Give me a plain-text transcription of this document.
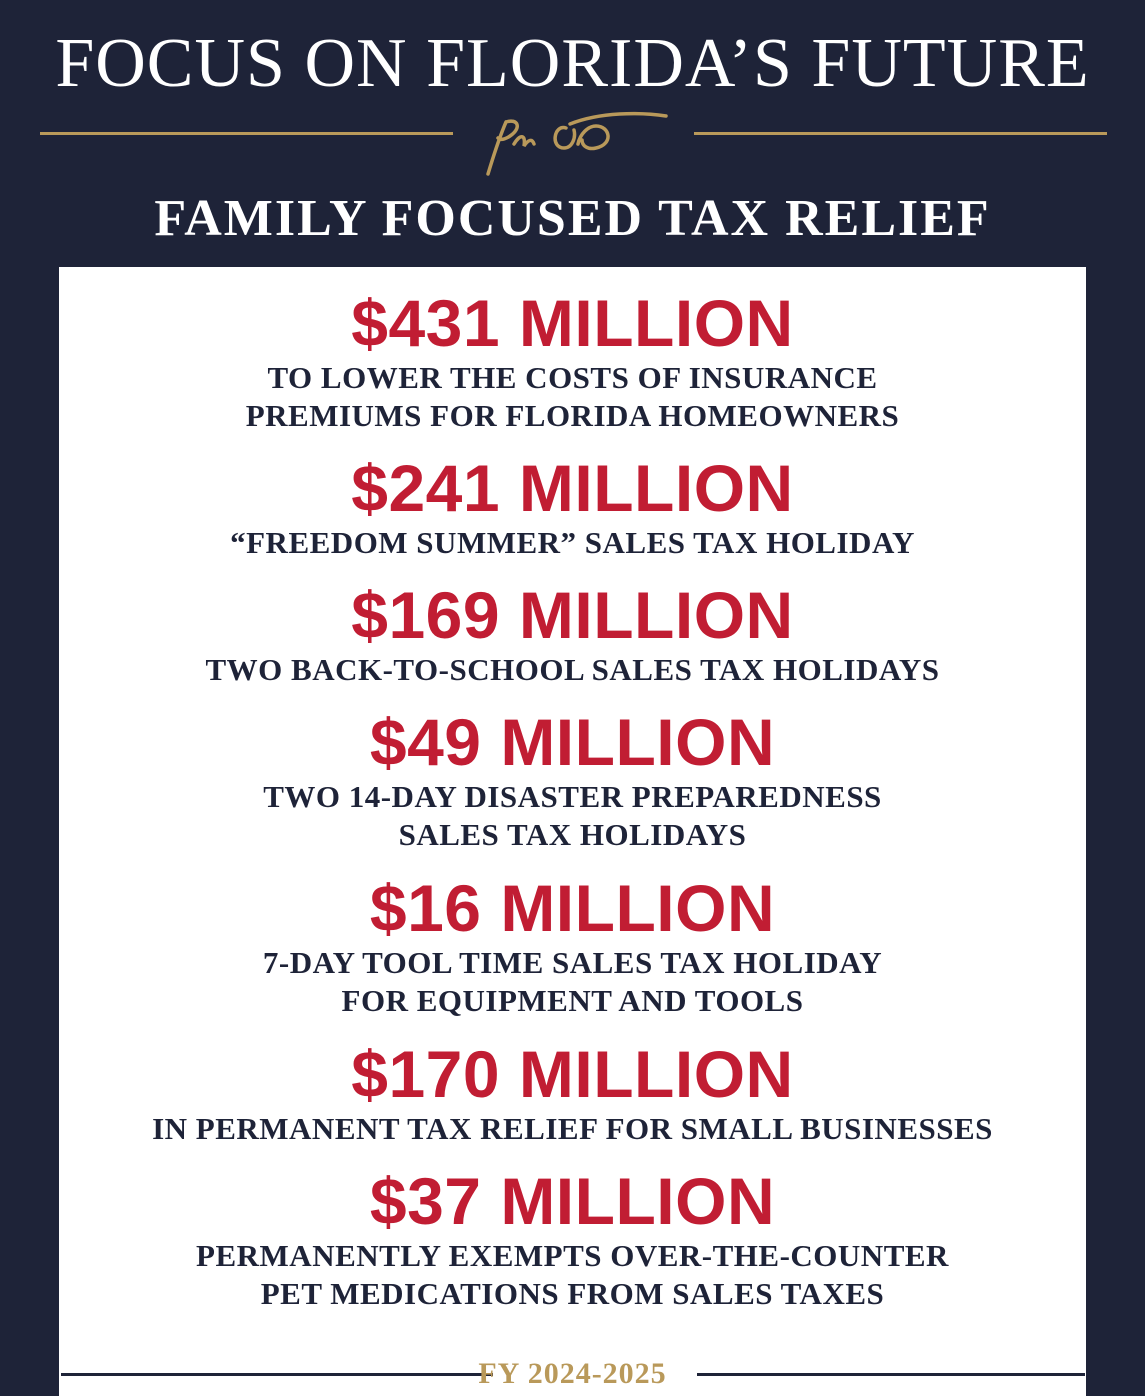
FOCUS ON FLORIDA’S FUTURE
FAMILY FOCUSED TAX RELIEF
$431 MILLION
TO LOWER THE COSTS OF INSURANCE
PREMIUMS FOR FLORIDA HOMEOWNERS
$241 MILLION
“FREEDOM SUMMER” SALES TAX HOLIDAY
$169 MILLION
TWO BACK-TO-SCHOOL SALES TAX HOLIDAYS
$49 MILLION
TWO 14-DAY DISASTER PREPAREDNESS
SALES TAX HOLIDAYS
$16 MILLION
7-DAY TOOL TIME SALES TAX HOLIDAY
FOR EQUIPMENT AND TOOLS
$170 MILLION
IN PERMANENT TAX RELIEF FOR SMALL BUSINESSES
$37 MILLION
PERMANENTLY EXEMPTS OVER-THE-COUNTER
PET MEDICATIONS FROM SALES TAXES
FY 2024-2025
